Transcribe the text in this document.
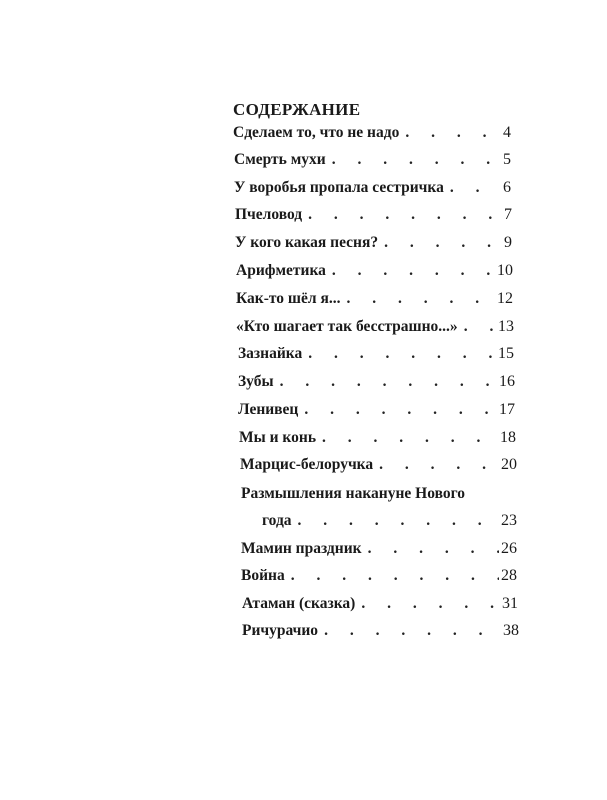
СОДЕРЖАНИЕ
Сделаем то, что не надо . . .	4
Смерть мухи . . .	5
У воробья пропала сестричка . . .	6
Пчеловод . . .	7
У кого какая песня? . . .	9
Арифметика . . .	10
Как-то шёл я... . . .	12
«Кто шагает так бесстрашно...» . . .	13
Зазнайка . . .	15
Зубы . . .	16
Ленивец . . .	17
Мы и конь . . .	18
Марцис-белоручка . . .	20
Размышления накануне Нового
года . . .	23
Мамин праздник . . .	26
Война . . .	28
Атаман (сказка) . . .	31
Ричурачио . . .	38
